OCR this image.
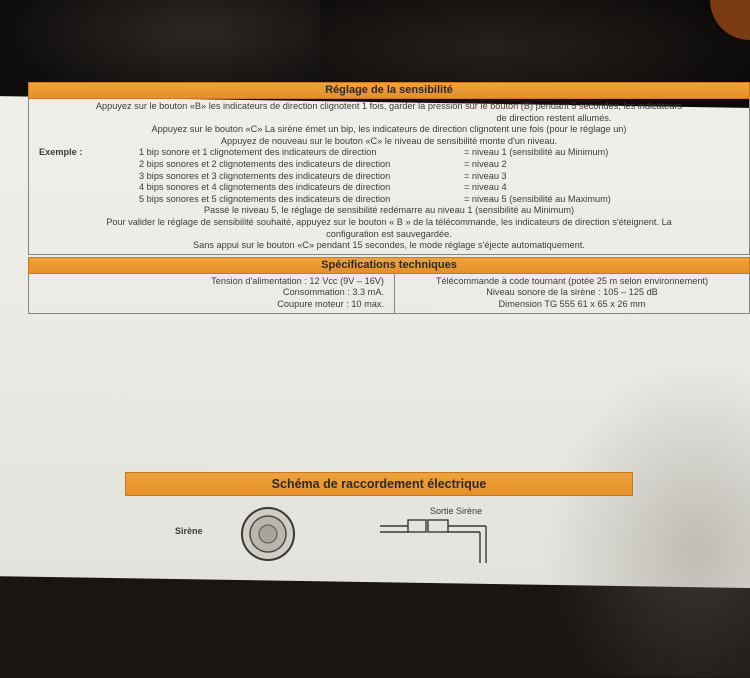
Réglage de la sensibilité
Appuyez sur le bouton «B» les indicateurs de direction clignotent 1 fois, garder la pression sur le bouton (B) pendant 5 secondes, les indicateurs
de direction restent allumés.
Appuyez sur le bouton «C» La sirène émet un bip, les indicateurs de direction clignotent une fois (pour le réglage un)
Appuyez de nouveau sur le bouton «C» le niveau de sensibilité monte d'un niveau.
Exemple :	1 bip sonore et 1 clignotement des indicateurs de direction	= niveau 1 (sensibilité au Minimum)
2 bips sonores et 2 clignotements des indicateurs de direction	= niveau 2
3 bips sonores et 3 clignotements des indicateurs de direction	= niveau 3
4 bips sonores et 4 clignotements des indicateurs de direction	= niveau 4
5 bips sonores et 5 clignotements des indicateurs de direction	= niveau 5 (sensibilité au Maximum)
Passé le niveau 5, le réglage de sensibilité redémarre au niveau 1 (sensibilité au Minimum)
Pour valider le réglage de sensibilité souhaité, appuyez sur le bouton « B » de la télécommande, les indicateurs de direction s'éteignent. La
configuration est sauvegardée.
Sans appui sur le bouton «C» pendant 15 secondes, le mode réglage s'éjecte automatiquement.
Spécifications techniques
Tension d'alimentation : 12 Vcc (9V – 16V)
Consommation : 3.3 mA.
Coupure moteur : 10 max.
Télécommande à code tournant (potée 25 m selon environnement)
Niveau sonore de la sirène : 105 – 125 dB
Dimension TG 555 61 x 65 x 26 mm
Schéma de raccordement électrique
Sirène
Sortie Sirène
